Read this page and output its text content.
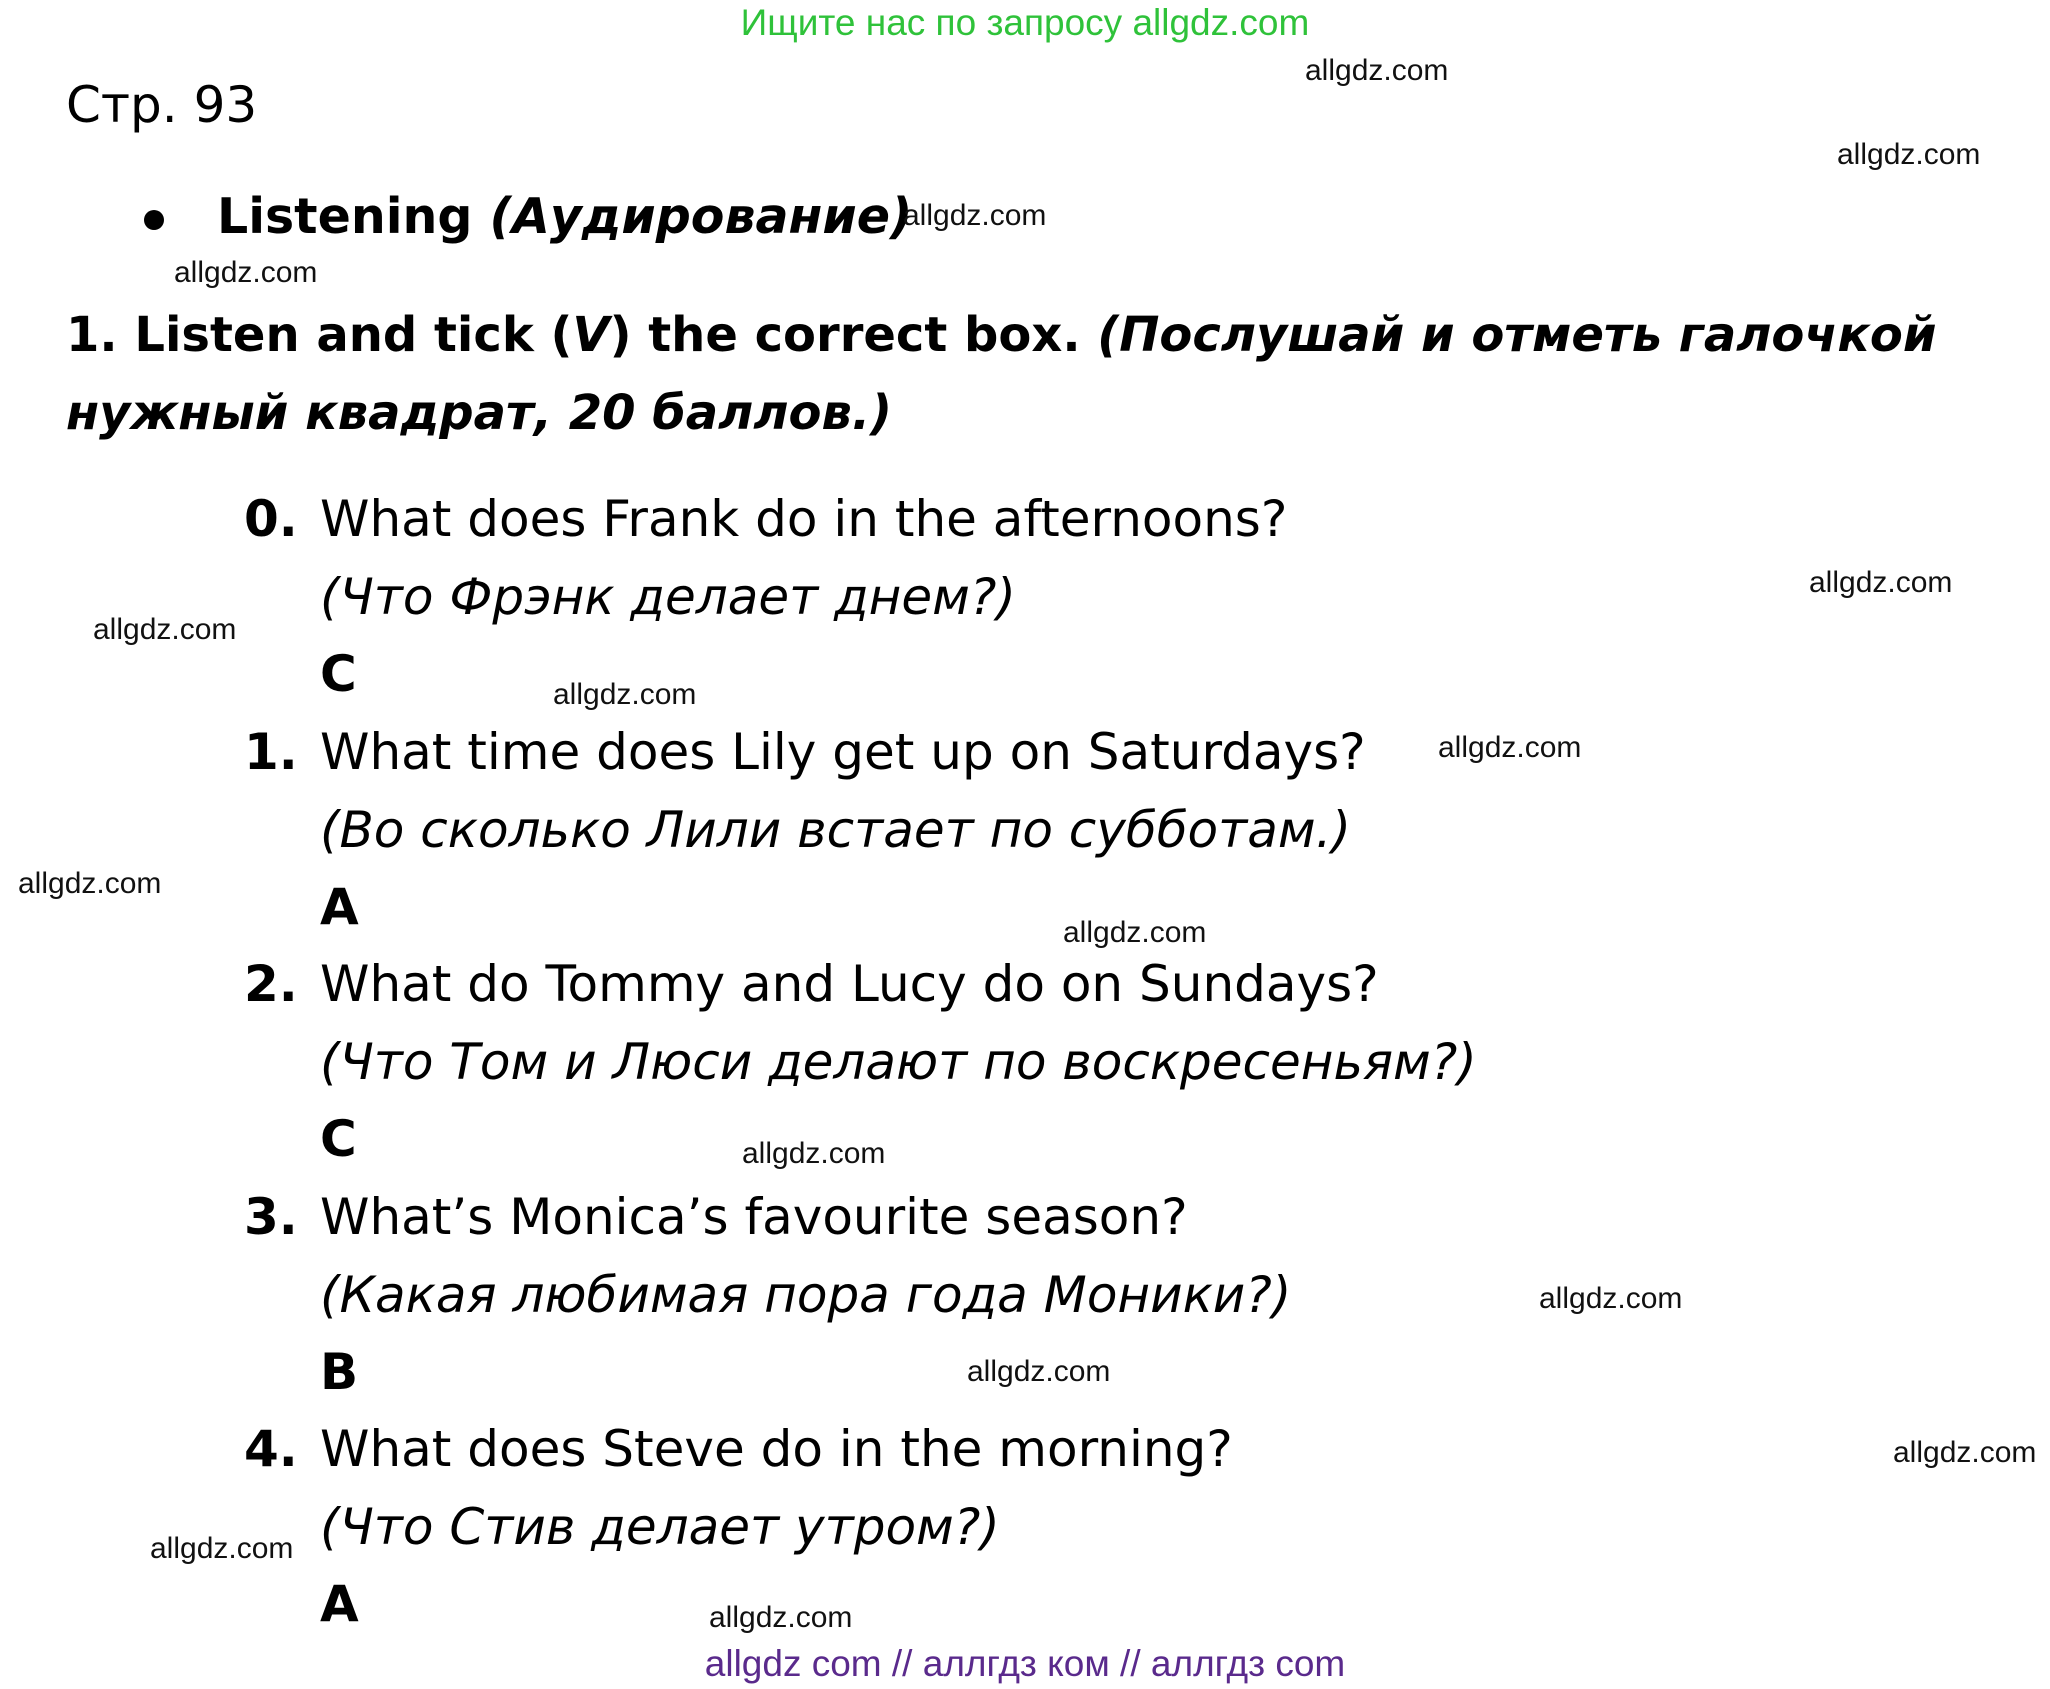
Ищите нас по запросу allgdz.com
Стр. 93
Listening (Аудирование)
1. Listen and tick (V) the correct box. (Послушай и отметь галочкой нужный квадрат, 20 баллов.)
0. What does Frank do in the afternoons?
(Что Фрэнк делает днем?)
C
1. What time does Lily get up on Saturdays?
(Во сколько Лили встает по субботам.)
A
2. What do Tommy and Lucy do on Sundays?
(Что Том и Люси делают по воскресеньям?)
C
3. What’s Monica’s favourite season?
(Какая любимая пора года Моники?)
B
4. What does Steve do in the morning?
(Что Стив делает утром?)
A
allgdz.com
allgdz.com
allgdz.com
allgdz.com
allgdz.com
allgdz.com
allgdz.com
allgdz.com
allgdz.com
allgdz.com
allgdz.com
allgdz.com
allgdz.com
allgdz.com
allgdz.com
allgdz.com
allgdz com // аллгдз ком // аллгдз com
